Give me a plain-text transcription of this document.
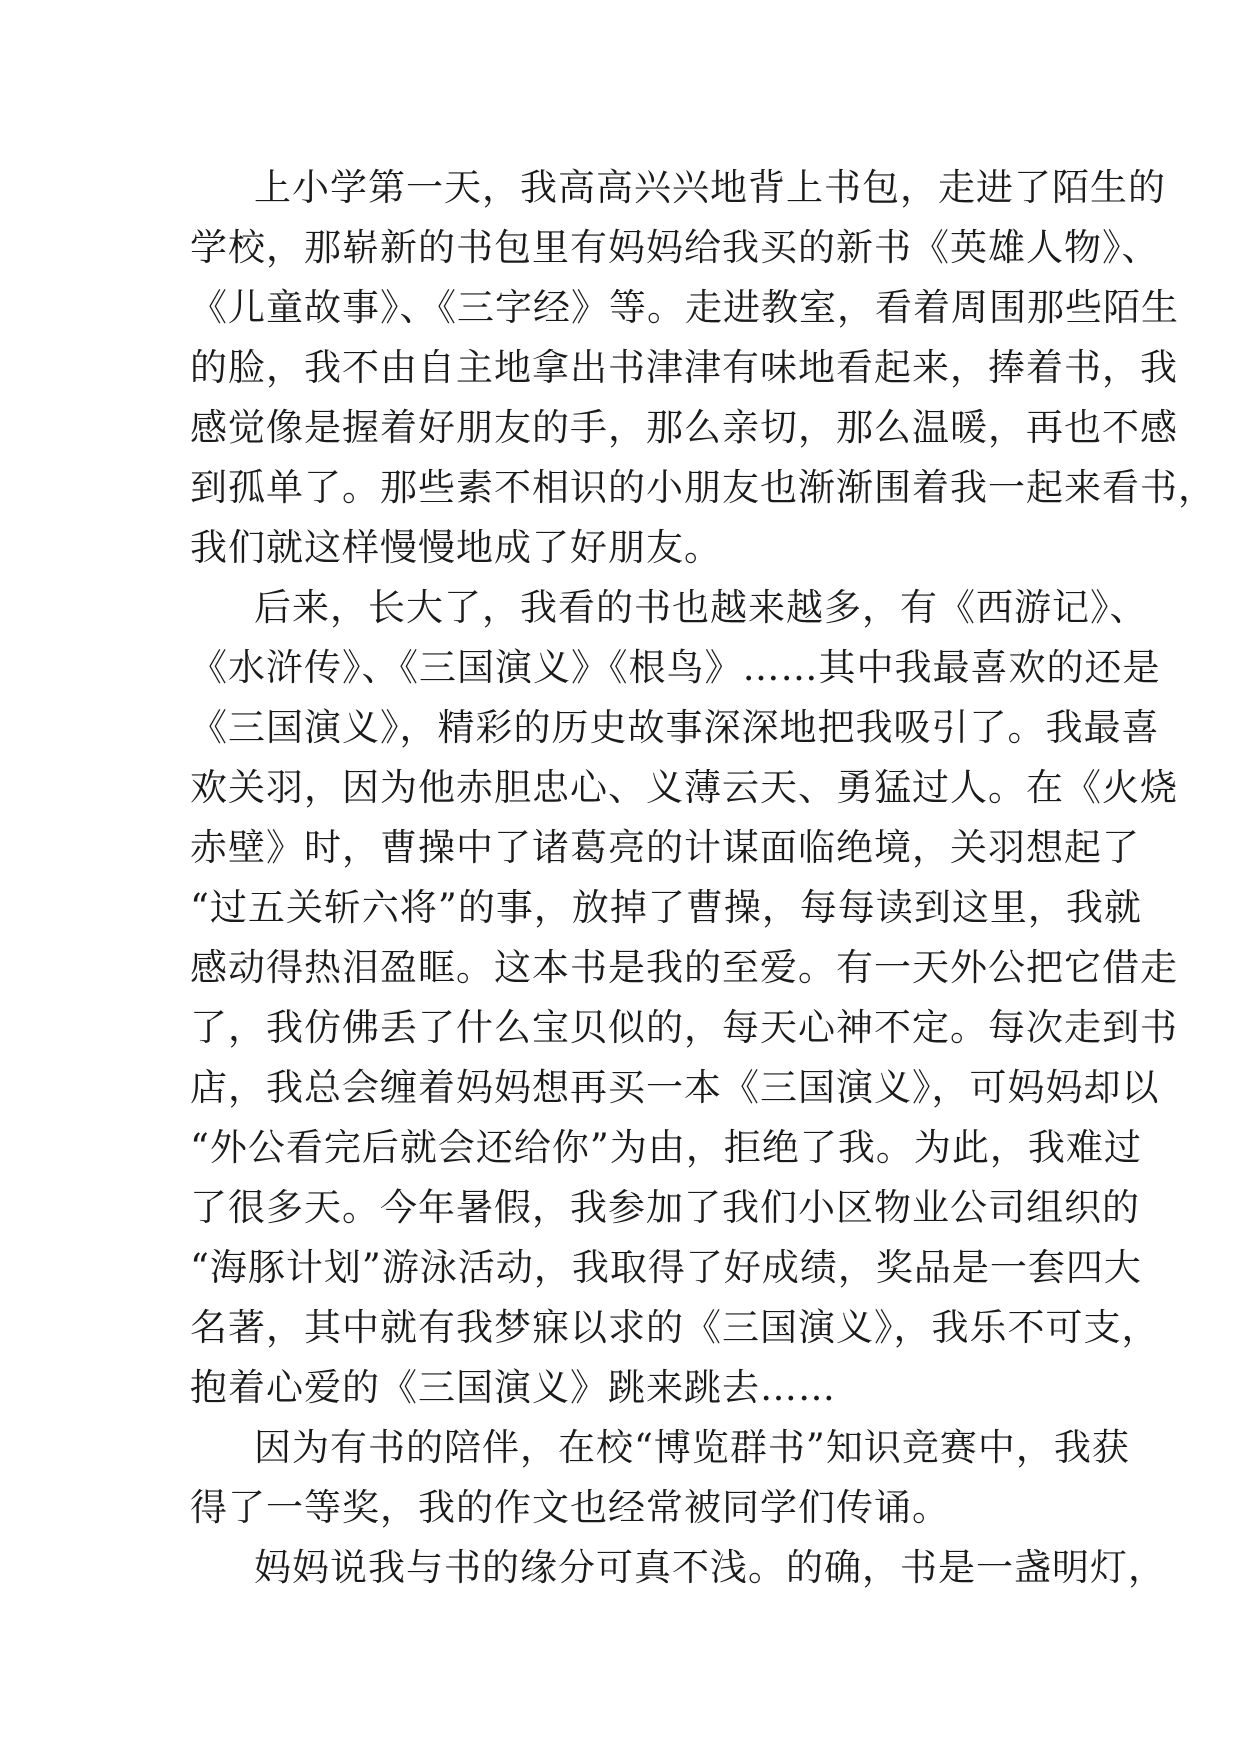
上小学第一天，我高高兴兴地背上书包，走进了陌生的
学校，那崭新的书包里有妈妈给我买的新书《英雄人物》、
《儿童故事》、《三字经》等。走进教室，看着周围那些陌生
的脸，我不由自主地拿出书津津有味地看起来，捧着书，我
感觉像是握着好朋友的手，那么亲切，那么温暖，再也不感
到孤单了。那些素不相识的小朋友也渐渐围着我一起来看书，
我们就这样慢慢地成了好朋友。
后来，长大了，我看的书也越来越多，有《西游记》、
《水浒传》、《三国演义》《根鸟》……其中我最喜欢的还是
《三国演义》，精彩的历史故事深深地把我吸引了。我最喜
欢关羽，因为他赤胆忠心、义薄云天、勇猛过人。在《火烧
赤壁》时，曹操中了诸葛亮的计谋面临绝境，关羽想起了
“过五关斩六将”的事，放掉了曹操，每每读到这里，我就
感动得热泪盈眶。这本书是我的至爱。有一天外公把它借走
了，我仿佛丢了什么宝贝似的，每天心神不定。每次走到书
店，我总会缠着妈妈想再买一本《三国演义》，可妈妈却以
“外公看完后就会还给你”为由，拒绝了我。为此，我难过
了很多天。今年暑假，我参加了我们小区物业公司组织的
“海豚计划”游泳活动，我取得了好成绩，奖品是一套四大
名著，其中就有我梦寐以求的《三国演义》，我乐不可支，
抱着心爱的《三国演义》跳来跳去……
因为有书的陪伴，在校“博览群书”知识竞赛中，我获
得了一等奖，我的作文也经常被同学们传诵。
妈妈说我与书的缘分可真不浅。的确，书是一盏明灯，
